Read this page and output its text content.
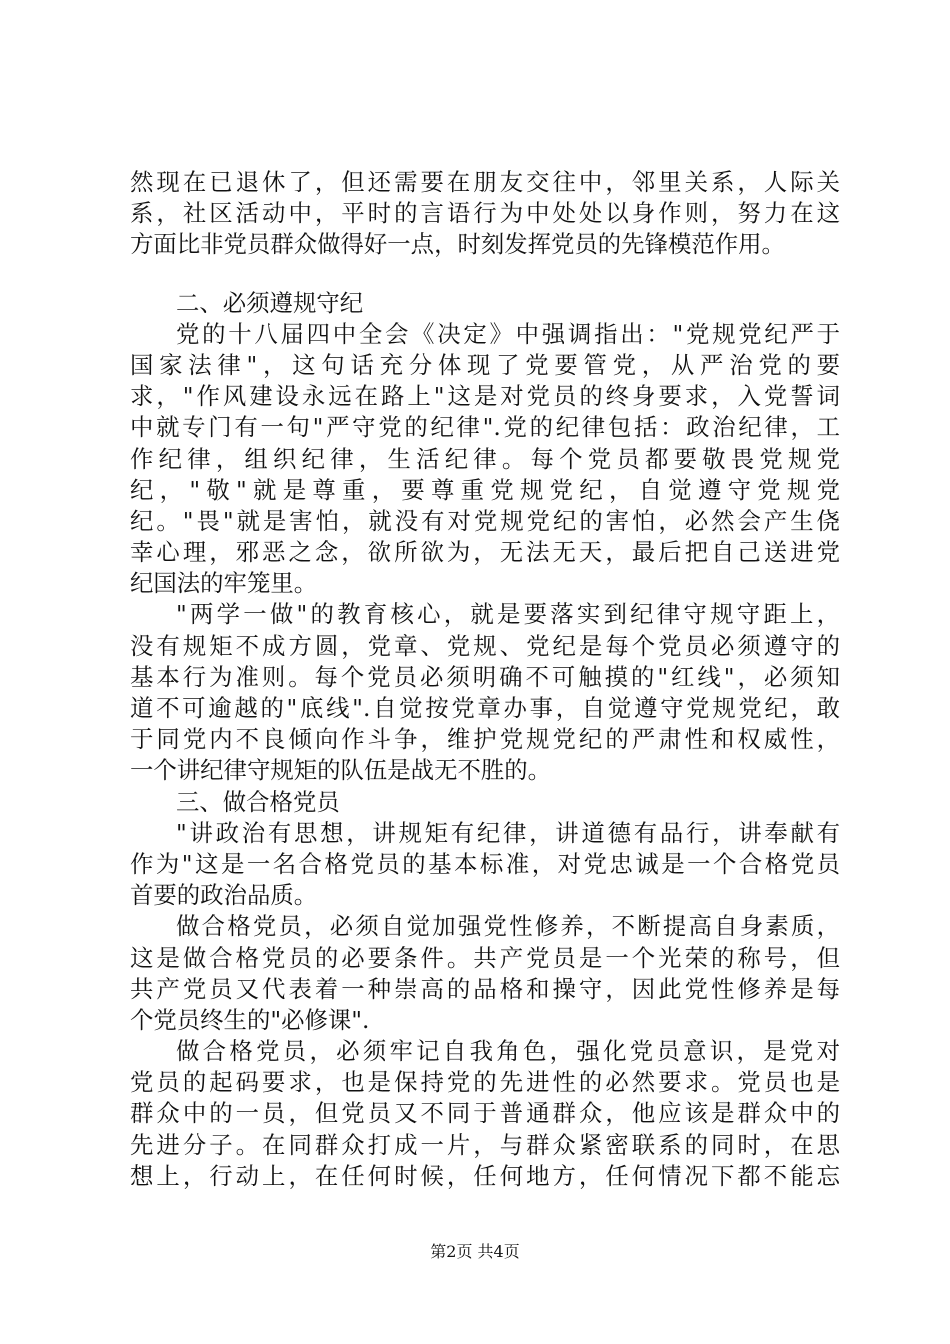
然现在已退休了，但还需要在朋友交往中，邻里关系，人际关
系，社区活动中，平时的言语行为中处处以身作则，努力在这
方面比非党员群众做得好一点，时刻发挥党员的先锋模范作用。
二、必须遵规守纪
党的十八届四中全会《决定》中强调指出："党规党纪严于
国家法律"，这句话充分体现了党要管党，从严治党的要
求，"作风建设永远在路上"这是对党员的终身要求，入党誓词
中就专门有一句"严守党的纪律".党的纪律包括：政治纪律，工
作纪律，组织纪律，生活纪律。每个党员都要敬畏党规党
纪，"敬"就是尊重，要尊重党规党纪，自觉遵守党规党
纪。"畏"就是害怕，就没有对党规党纪的害怕，必然会产生侥
幸心理，邪恶之念，欲所欲为，无法无天，最后把自己送进党
纪国法的牢笼里。
"两学一做"的教育核心，就是要落实到纪律守规守距上，
没有规矩不成方圆，党章、党规、党纪是每个党员必须遵守的
基本行为准则。每个党员必须明确不可触摸的"红线"，必须知
道不可逾越的"底线".自觉按党章办事，自觉遵守党规党纪，敢
于同党内不良倾向作斗争，维护党规党纪的严肃性和权威性，
一个讲纪律守规矩的队伍是战无不胜的。
三、做合格党员
"讲政治有思想，讲规矩有纪律，讲道德有品行，讲奉献有
作为"这是一名合格党员的基本标准，对党忠诚是一个合格党员
首要的政治品质。
做合格党员，必须自觉加强党性修养，不断提高自身素质，
这是做合格党员的必要条件。共产党员是一个光荣的称号，但
共产党员又代表着一种崇高的品格和操守，因此党性修养是每
个党员终生的"必修课".
做合格党员，必须牢记自我角色，强化党员意识，是党对
党员的起码要求，也是保持党的先进性的必然要求。党员也是
群众中的一员，但党员又不同于普通群众，他应该是群众中的
先进分子。在同群众打成一片，与群众紧密联系的同时，在思
想上，行动上，在任何时候，任何地方，任何情况下都不能忘
第2页 共4页
